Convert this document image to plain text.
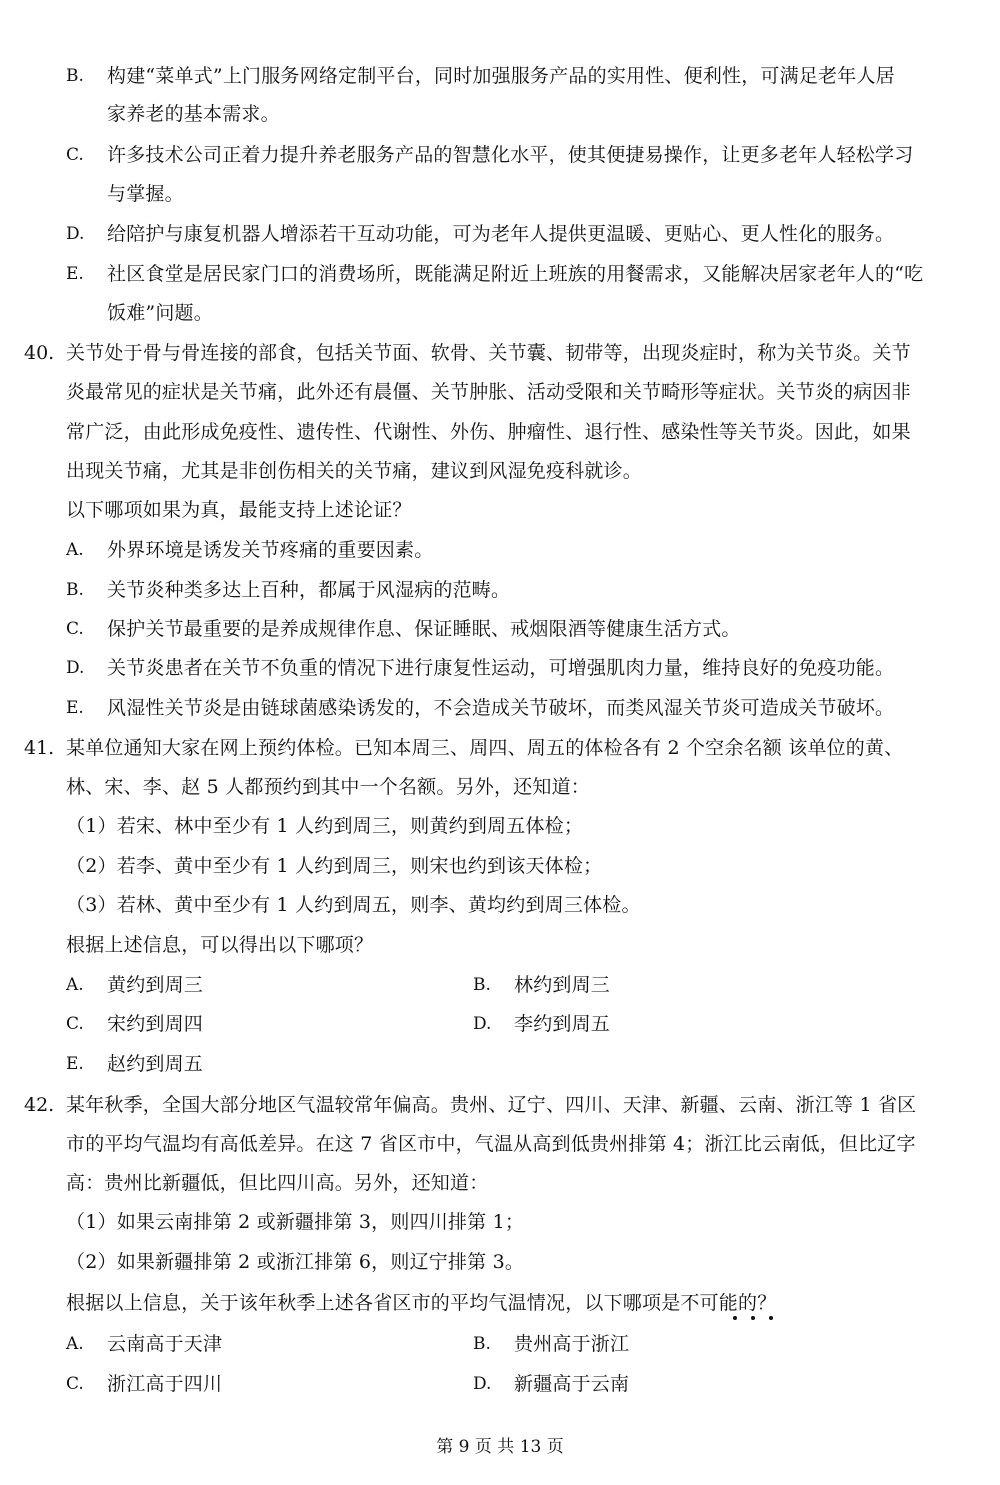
B. 构建“菜单式”上门服务网络定制平台，同时加强服务产品的实用性、便利性，可满足老年人居
家养老的基本需求。
C. 许多技术公司正着力提升养老服务产品的智慧化水平，使其便捷易操作，让更多老年人轻松学习
与掌握。
D. 给陪护与康复机器人增添若干互动功能，可为老年人提供更温暖、更贴心、更人性化的服务。
E. 社区食堂是居民家门口的消费场所，既能满足附近上班族的用餐需求，又能解决居家老年人的“吃
饭难”问题。
40. 关节处于骨与骨连接的部食，包括关节面、软骨、关节囊、韧带等，出现炎症时，称为关节炎。关节
炎最常见的症状是关节痛，此外还有晨僵、关节肿胀、活动受限和关节畸形等症状。关节炎的病因非
常广泛，由此形成免疫性、遗传性、代谢性、外伤、肿瘤性、退行性、感染性等关节炎。因此，如果
出现关节痛，尤其是非创伤相关的关节痛，建议到风湿免疫科就诊。
以下哪项如果为真，最能支持上述论证？
A. 外界环境是诱发关节疼痛的重要因素。
B. 关节炎种类多达上百种，都属于风湿病的范畴。
C. 保护关节最重要的是养成规律作息、保证睡眠、戒烟限酒等健康生活方式。
D. 关节炎患者在关节不负重的情况下进行康复性运动，可增强肌肉力量，维持良好的免疫功能。
E. 风湿性关节炎是由链球菌感染诱发的，不会造成关节破坏，而类风湿关节炎可造成关节破坏。
41. 某单位通知大家在网上预约体检。已知本周三、周四、周五的体检各有 2 个空余名额 该单位的黄、
林、宋、李、赵 5 人都预约到其中一个名额。另外，还知道：
（1）若宋、林中至少有 1 人约到周三，则黄约到周五体检；
（2）若李、黄中至少有 1 人约到周三，则宋也约到该天体检；
（3）若林、黄中至少有 1 人约到周五，则李、黄均约到周三体检。
根据上述信息，可以得出以下哪项？
A. 黄约到周三	B. 林约到周三
C. 宋约到周四	D. 李约到周五
E. 赵约到周五
42. 某年秋季，全国大部分地区气温较常年偏高。贵州、辽宁、四川、天津、新疆、云南、浙江等 1 省区
市的平均气温均有高低差异。在这 7 省区市中，气温从高到低贵州排第 4；浙江比云南低，但比辽字
高：贵州比新疆低，但比四川高。另外，还知道：
（1）如果云南排第 2 或新疆排第 3，则四川排第 1；
（2）如果新疆排第 2 或浙江排第 6，则辽宁排第 3。
根据以上信息，关于该年秋季上述各省区市的平均气温情况，以下哪项是不可能的？
A. 云南高于天津	B. 贵州高于浙江
C. 浙江高于四川	D. 新疆高于云南
第 9 页 共 13 页
